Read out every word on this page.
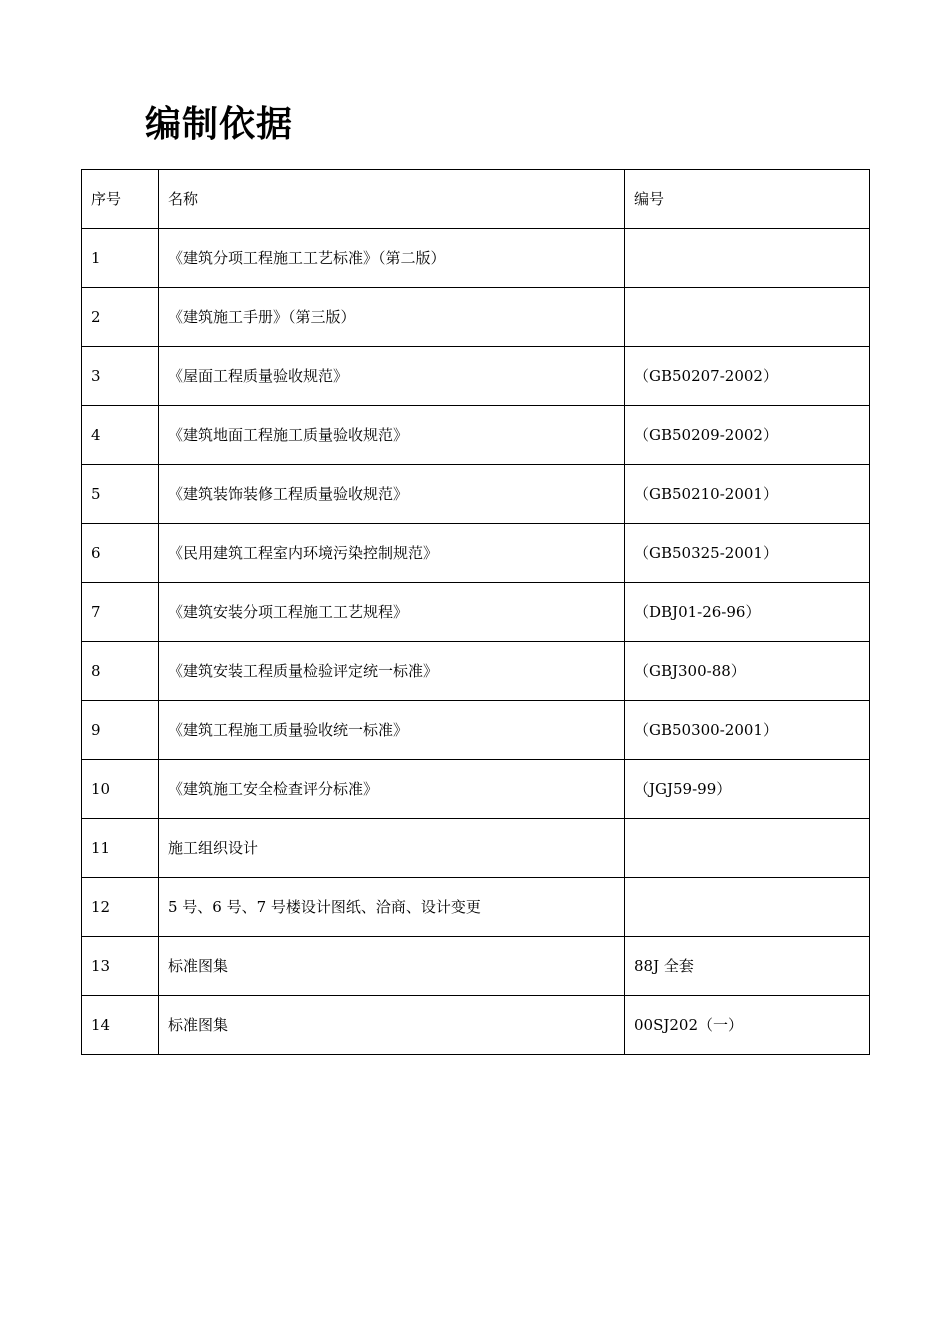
编制依据
序号	名称	编号
1	《建筑分项工程施工工艺标准》（第二版）	
2	《建筑施工手册》（第三版）	
3	《屋面工程质量验收规范》	（GB50207-2002）
4	《建筑地面工程施工质量验收规范》	（GB50209-2002）
5	《建筑装饰装修工程质量验收规范》	（GB50210-2001）
6	《民用建筑工程室内环境污染控制规范》	（GB50325-2001）
7	《建筑安装分项工程施工工艺规程》	（DBJ01-26-96）
8	《建筑安装工程质量检验评定统一标准》	（GBJ300-88）
9	《建筑工程施工质量验收统一标准》	（GB50300-2001）
10	《建筑施工安全检查评分标准》	（JGJ59-99）
11	施工组织设计	
12	5 号、6 号、7 号楼设计图纸、洽商、设计变更	
13	标准图集	88J 全套
14	标准图集	00SJ202（一）
